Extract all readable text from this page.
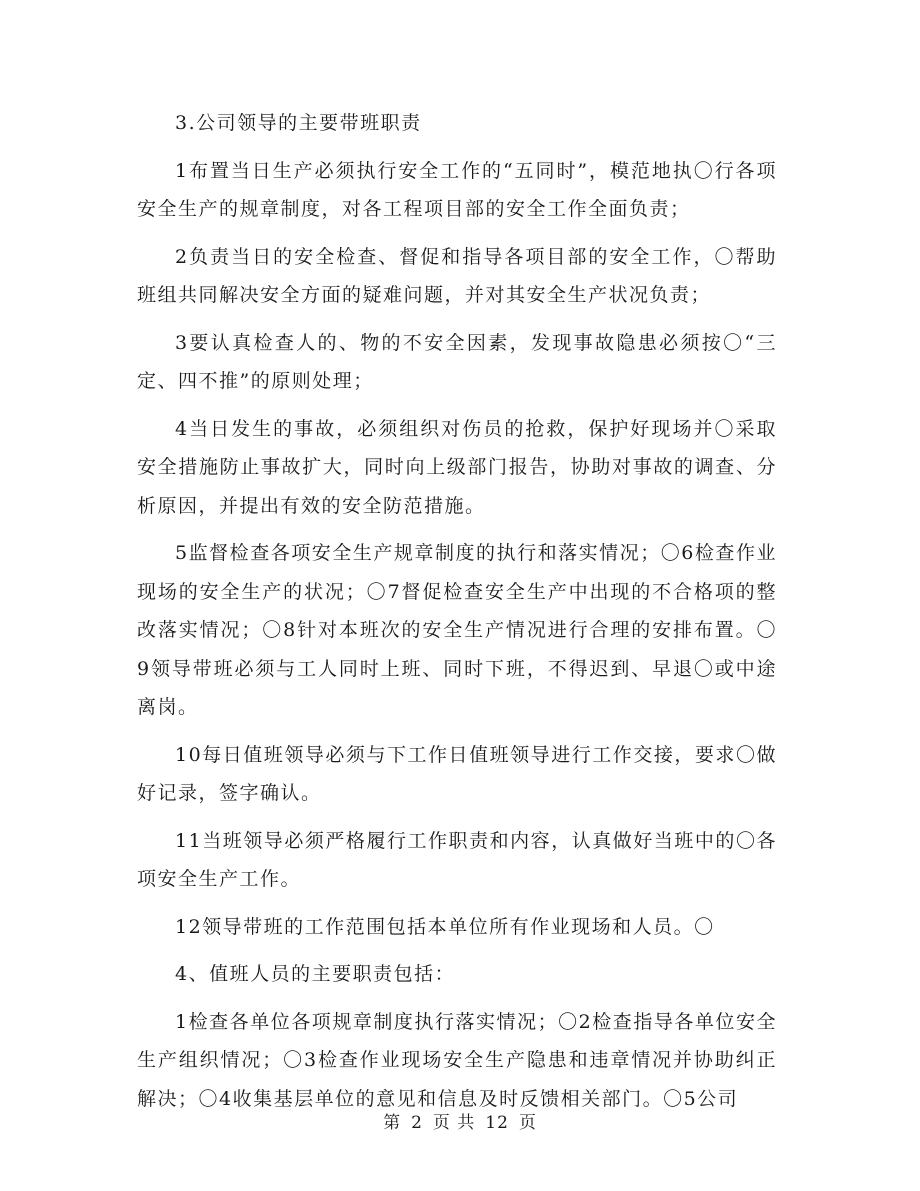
3.公司领导的主要带班职责

1布置当日生产必须执行安全工作的“五同时”，模范地执〇行各项安全生产的规章制度，对各工程项目部的安全工作全面负责；

2负责当日的安全检查、督促和指导各项目部的安全工作，〇帮助班组共同解决安全方面的疑难问题，并对其安全生产状况负责；

3要认真检查人的、物的不安全因素，发现事故隐患必须按〇“三定、四不推”的原则处理；

4当日发生的事故，必须组织对伤员的抢救，保护好现场并〇采取安全措施防止事故扩大，同时向上级部门报告，协助对事故的调查、分析原因，并提出有效的安全防范措施。

5监督检查各项安全生产规章制度的执行和落实情况；〇6检查作业现场的安全生产的状况；〇7督促检查安全生产中出现的不合格项的整改落实情况；〇8针对本班次的安全生产情况进行合理的安排布置。〇9领导带班必须与工人同时上班、同时下班，不得迟到、早退〇或中途离岗。

10每日值班领导必须与下工作日值班领导进行工作交接，要求〇做好记录，签字确认。

11当班领导必须严格履行工作职责和内容，认真做好当班中的〇各项安全生产工作。

12领导带班的工作范围包括本单位所有作业现场和人员。〇

4、值班人员的主要职责包括：

1检查各单位各项规章制度执行落实情况；〇2检查指导各单位安全生产组织情况；〇3检查作业现场安全生产隐患和违章情况并协助纠正解决；〇4收集基层单位的意见和信息及时反馈相关部门。〇5公司

第 2 页 共 12 页
